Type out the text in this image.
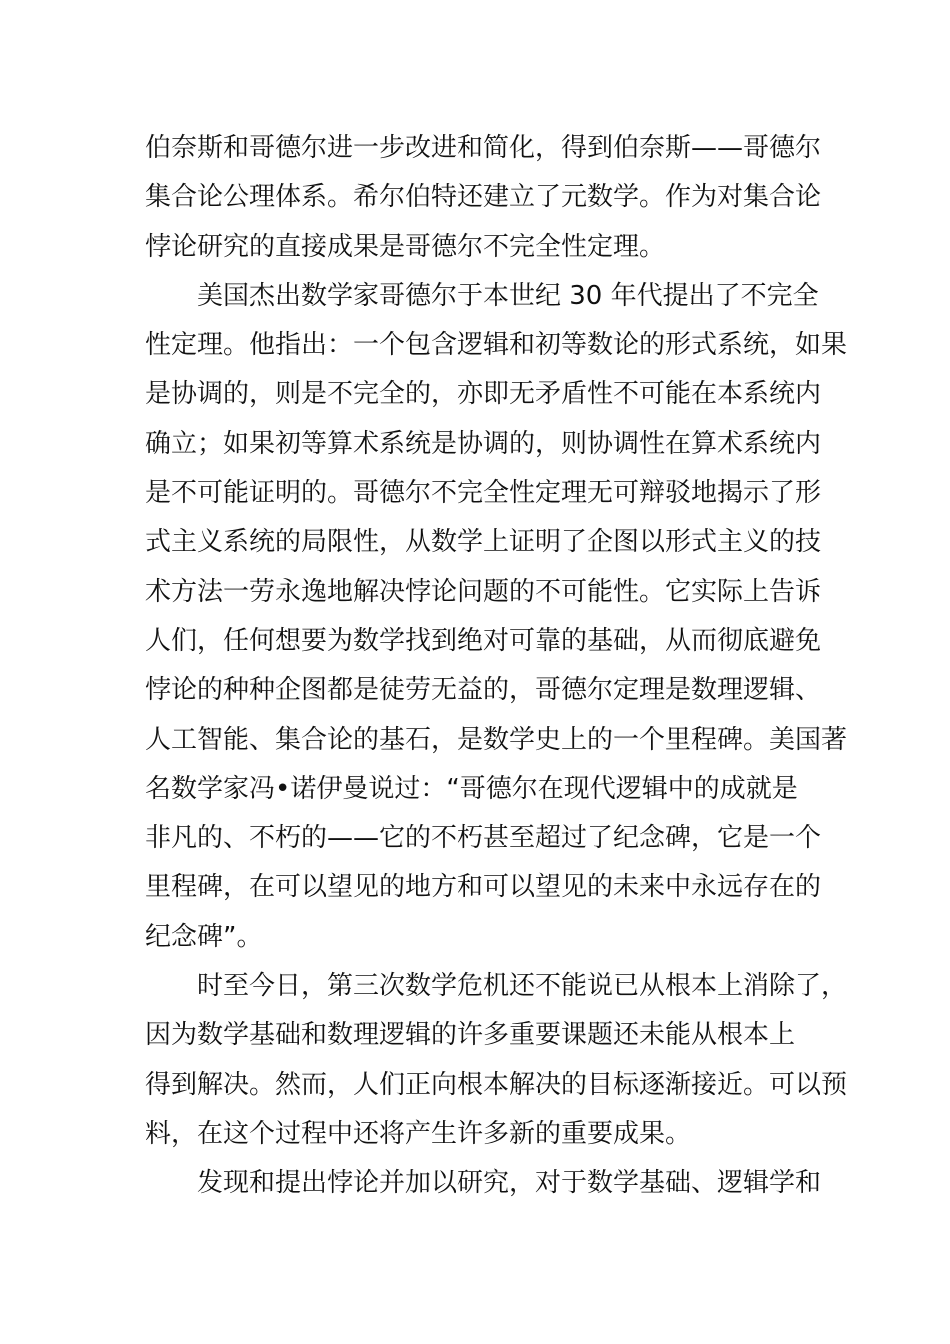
伯奈斯和哥德尔进一步改进和简化，得到伯奈斯——哥德尔
集合论公理体系。希尔伯特还建立了元数学。作为对集合论
悖论研究的直接成果是哥德尔不完全性定理。
　　美国杰出数学家哥德尔于本世纪 30 年代提出了不完全
性定理。他指出：一个包含逻辑和初等数论的形式系统，如果
是协调的，则是不完全的，亦即无矛盾性不可能在本系统内
确立；如果初等算术系统是协调的，则协调性在算术系统内
是不可能证明的。哥德尔不完全性定理无可辩驳地揭示了形
式主义系统的局限性，从数学上证明了企图以形式主义的技
术方法一劳永逸地解决悖论问题的不可能性。它实际上告诉
人们，任何想要为数学找到绝对可靠的基础，从而彻底避免
悖论的种种企图都是徒劳无益的，哥德尔定理是数理逻辑、
人工智能、集合论的基石，是数学史上的一个里程碑。美国著
名数学家冯•诺伊曼说过：“哥德尔在现代逻辑中的成就是
非凡的、不朽的——它的不朽甚至超过了纪念碑，它是一个
里程碑，在可以望见的地方和可以望见的未来中永远存在的
纪念碑”。
　　时至今日，第三次数学危机还不能说已从根本上消除了，
因为数学基础和数理逻辑的许多重要课题还未能从根本上
得到解决。然而，人们正向根本解决的目标逐渐接近。可以预
料，在这个过程中还将产生许多新的重要成果。
　　发现和提出悖论并加以研究，对于数学基础、逻辑学和
